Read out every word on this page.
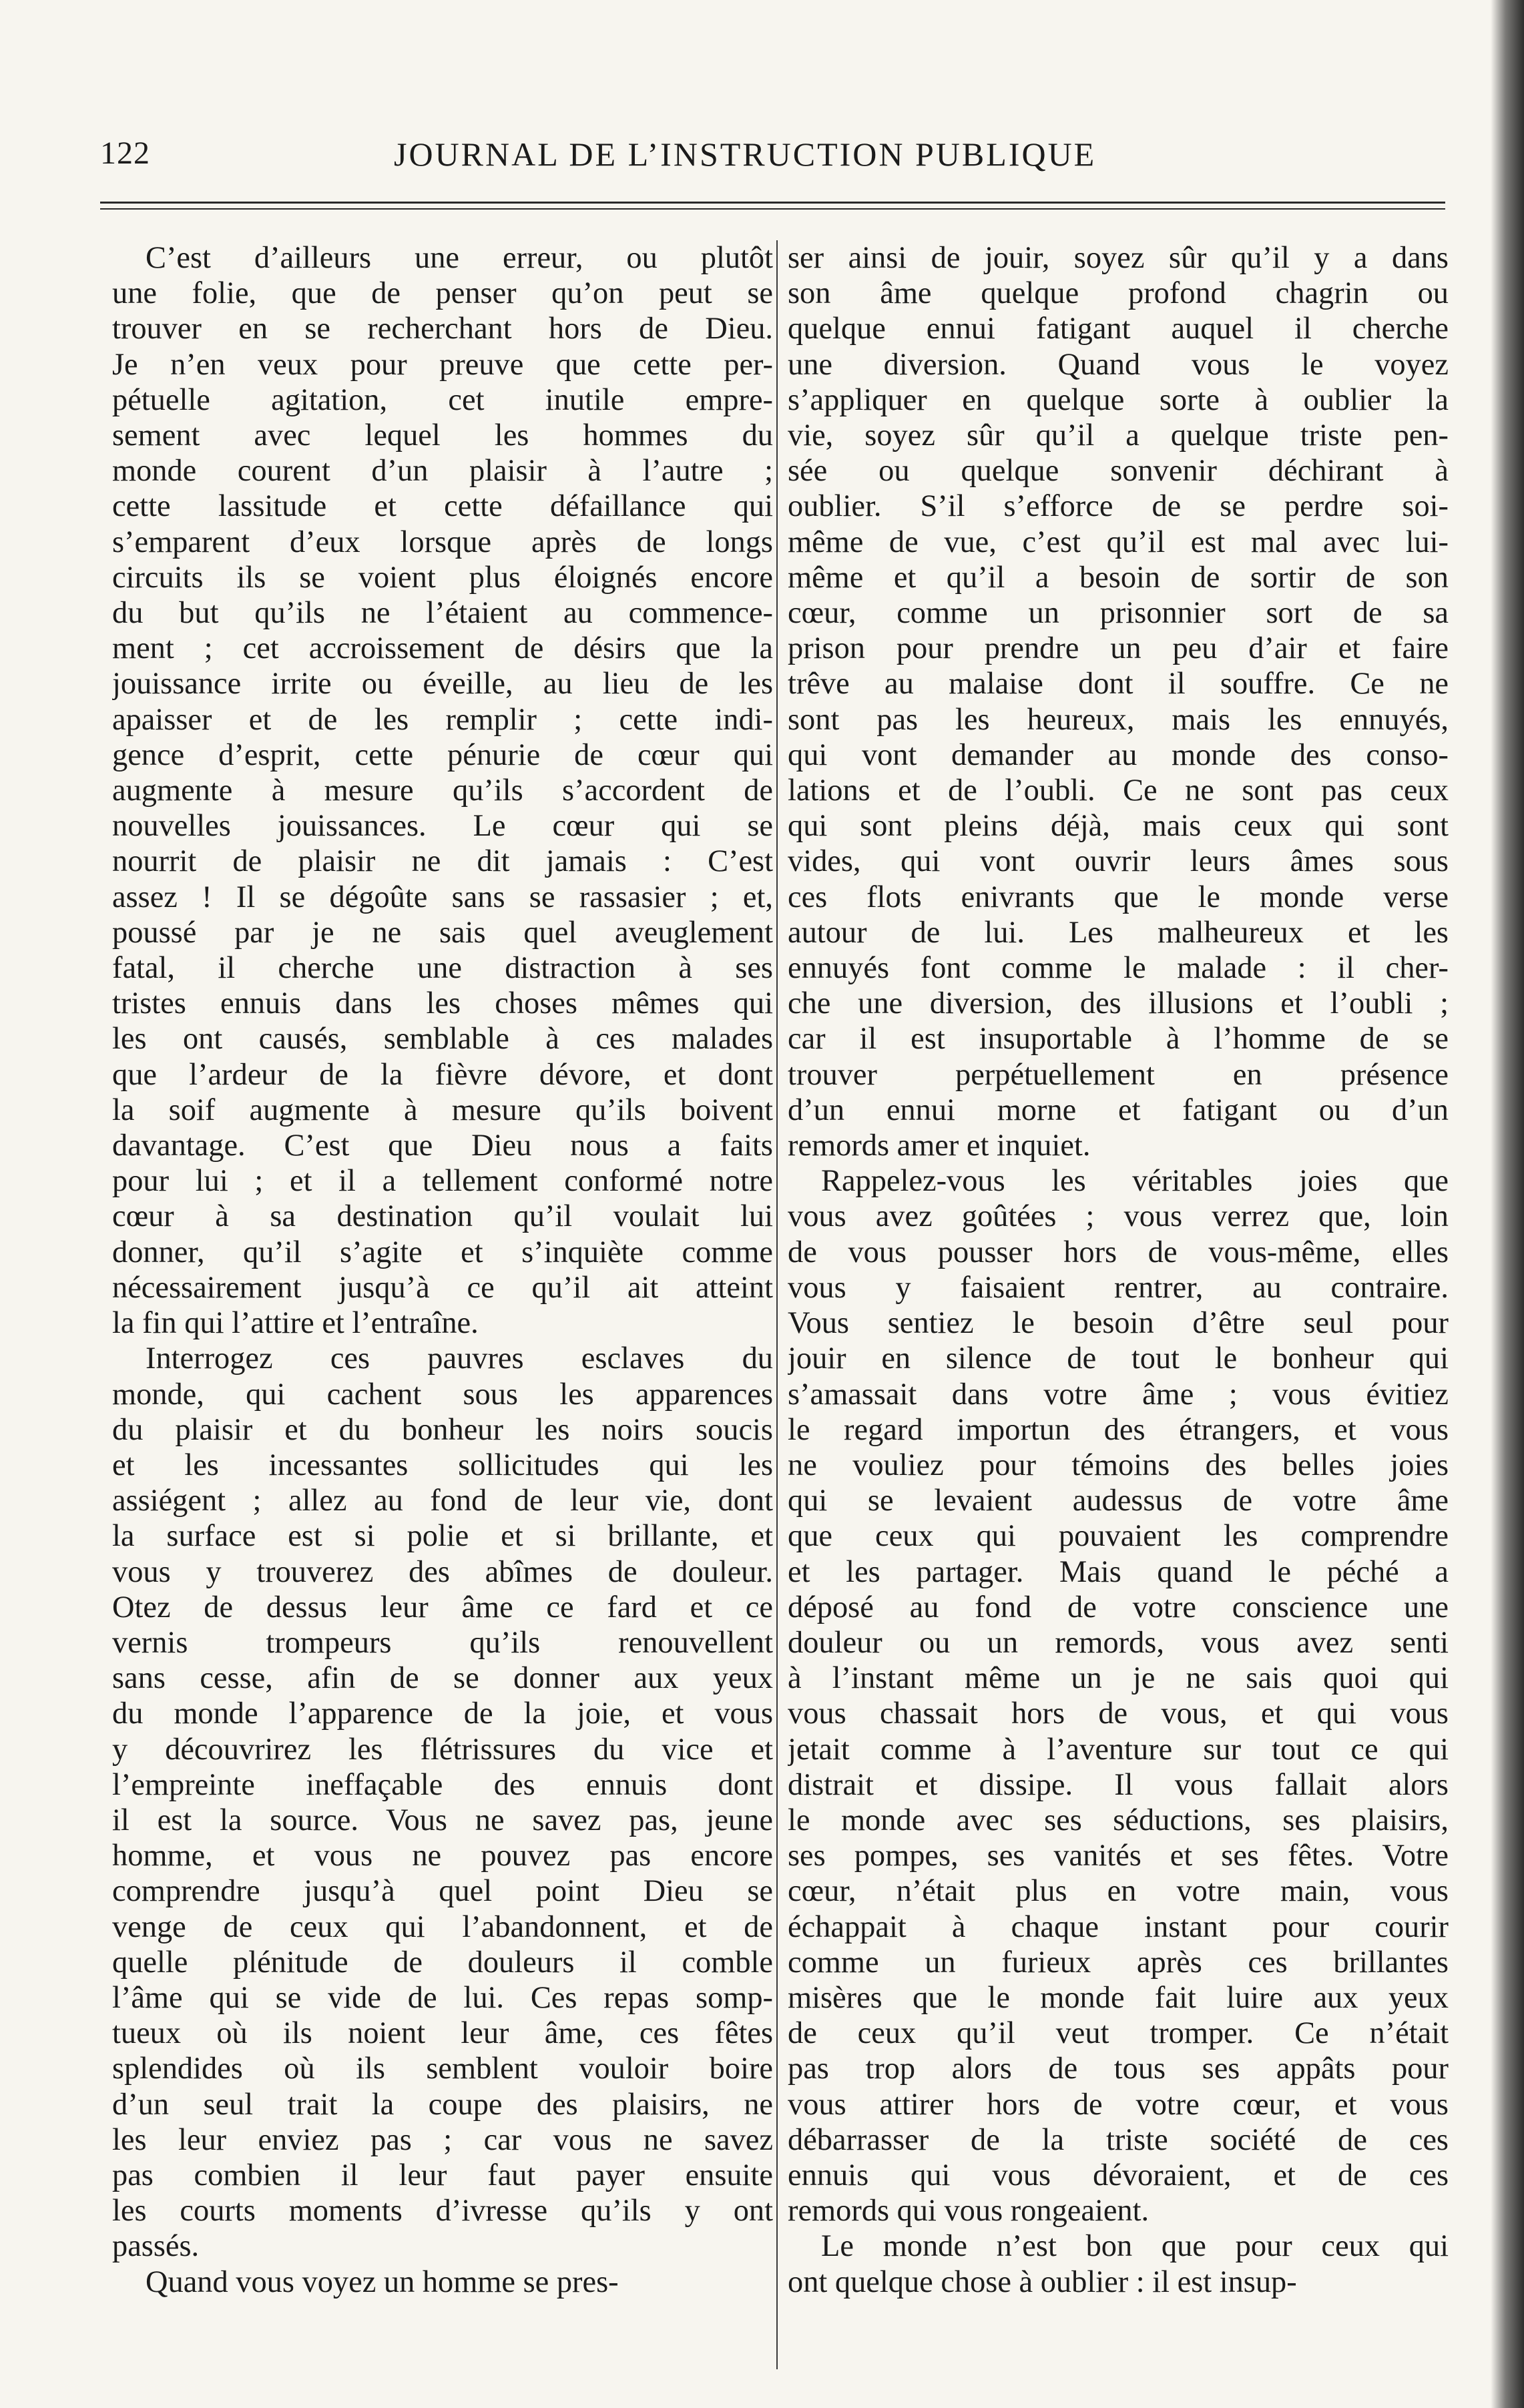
122	JOURNAL DE L’INSTRUCTION PUBLIQUE
C’est d’ailleurs une erreur, ou plutôt
une folie, que de penser qu’on peut se
trouver en se recherchant hors de Dieu.
Je n’en veux pour preuve que cette per-
pétuelle agitation, cet inutile empre-
sement avec lequel les hommes du
monde courent d’un plaisir à l’autre ;
cette lassitude et cette défaillance qui
s’emparent d’eux lorsque après de longs
circuits ils se voient plus éloignés encore
du but qu’ils ne l’étaient au commence-
ment ; cet accroissement de désirs que la
jouissance irrite ou éveille, au lieu de les
apaisser et de les remplir ; cette indi-
gence d’esprit, cette pénurie de cœur qui
augmente à mesure qu’ils s’accordent de
nouvelles jouissances. Le cœur qui se
nourrit de plaisir ne dit jamais : C’est
assez ! Il se dégoûte sans se rassasier ; et,
poussé par je ne sais quel aveuglement
fatal, il cherche une distraction à ses
tristes ennuis dans les choses mêmes qui
les ont causés, semblable à ces malades
que l’ardeur de la fièvre dévore, et dont
la soif augmente à mesure qu’ils boivent
davantage. C’est que Dieu nous a faits
pour lui ; et il a tellement conformé notre
cœur à sa destination qu’il voulait lui
donner, qu’il s’agite et s’inquiète comme
nécessairement jusqu’à ce qu’il ait atteint
la fin qui l’attire et l’entraîne.
Interrogez ces pauvres esclaves du
monde, qui cachent sous les apparences
du plaisir et du bonheur les noirs soucis
et les incessantes sollicitudes qui les
assiégent ; allez au fond de leur vie, dont
la surface est si polie et si brillante, et
vous y trouverez des abîmes de douleur.
Otez de dessus leur âme ce fard et ce
vernis trompeurs qu’ils renouvellent
sans cesse, afin de se donner aux yeux
du monde l’apparence de la joie, et vous
y découvrirez les flétrissures du vice et
l’empreinte ineffaçable des ennuis dont
il est la source. Vous ne savez pas, jeune
homme, et vous ne pouvez pas encore
comprendre jusqu’à quel point Dieu se
venge de ceux qui l’abandonnent, et de
quelle plénitude de douleurs il comble
l’âme qui se vide de lui. Ces repas somp-
tueux où ils noient leur âme, ces fêtes
splendides où ils semblent vouloir boire
d’un seul trait la coupe des plaisirs, ne
les leur enviez pas ; car vous ne savez
pas combien il leur faut payer ensuite
les courts moments d’ivresse qu’ils y ont
passés.
Quand vous voyez un homme se pres-
ser ainsi de jouir, soyez sûr qu’il y a dans
son âme quelque profond chagrin ou
quelque ennui fatigant auquel il cherche
une diversion. Quand vous le voyez
s’appliquer en quelque sorte à oublier la
vie, soyez sûr qu’il a quelque triste pen-
sée ou quelque sonvenir déchirant à
oublier. S’il s’efforce de se perdre soi-
même de vue, c’est qu’il est mal avec lui-
même et qu’il a besoin de sortir de son
cœur, comme un prisonnier sort de sa
prison pour prendre un peu d’air et faire
trêve au malaise dont il souffre. Ce ne
sont pas les heureux, mais les ennuyés,
qui vont demander au monde des conso-
lations et de l’oubli. Ce ne sont pas ceux
qui sont pleins déjà, mais ceux qui sont
vides, qui vont ouvrir leurs âmes sous
ces flots enivrants que le monde verse
autour de lui. Les malheureux et les
ennuyés font comme le malade : il cher-
che une diversion, des illusions et l’oubli ;
car il est insuportable à l’homme de se
trouver perpétuellement en présence
d’un ennui morne et fatigant ou d’un
remords amer et inquiet.
Rappelez-vous les véritables joies que
vous avez goûtées ; vous verrez que, loin
de vous pousser hors de vous-même, elles
vous y faisaient rentrer, au contraire.
Vous sentiez le besoin d’être seul pour
jouir en silence de tout le bonheur qui
s’amassait dans votre âme ; vous évitiez
le regard importun des étrangers, et vous
ne vouliez pour témoins des belles joies
qui se levaient audessus de votre âme
que ceux qui pouvaient les comprendre
et les partager. Mais quand le péché a
déposé au fond de votre conscience une
douleur ou un remords, vous avez senti
à l’instant même un je ne sais quoi qui
vous chassait hors de vous, et qui vous
jetait comme à l’aventure sur tout ce qui
distrait et dissipe. Il vous fallait alors
le monde avec ses séductions, ses plaisirs,
ses pompes, ses vanités et ses fêtes. Votre
cœur, n’était plus en votre main, vous
échappait à chaque instant pour courir
comme un furieux après ces brillantes
misères que le monde fait luire aux yeux
de ceux qu’il veut tromper. Ce n’était
pas trop alors de tous ses appâts pour
vous attirer hors de votre cœur, et vous
débarrasser de la triste société de ces
ennuis qui vous dévoraient, et de ces
remords qui vous rongeaient.
Le monde n’est bon que pour ceux qui
ont quelque chose à oublier : il est insup-
